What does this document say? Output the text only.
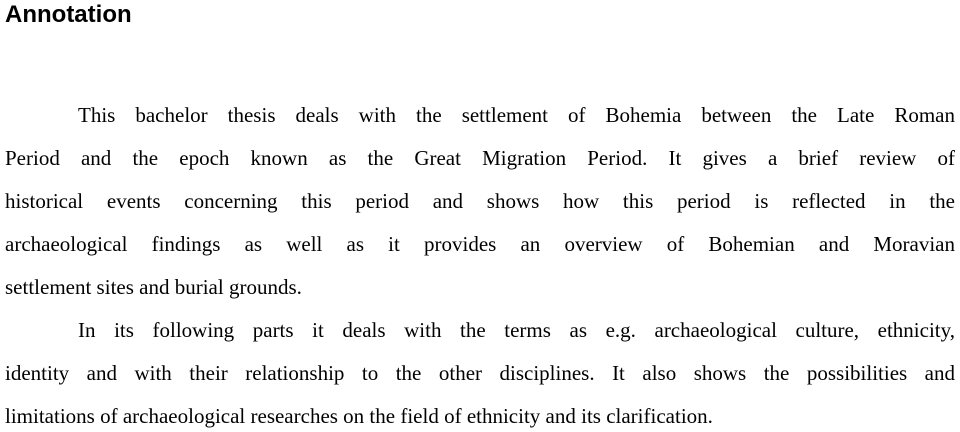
Annotation
This bachelor thesis deals with the settlement of Bohemia between the Late Roman
Period and the epoch known as the Great Migration Period. It gives a brief review of
historical events concerning this period and shows how this period is reflected in the
archaeological findings as well as it provides an overview of Bohemian and Moravian
settlement sites and burial grounds.
In its following parts it deals with the terms as e.g. archaeological culture, ethnicity,
identity and with their relationship to the other disciplines. It also shows the possibilities and
limitations of archaeological researches on the field of ethnicity and its clarification.
